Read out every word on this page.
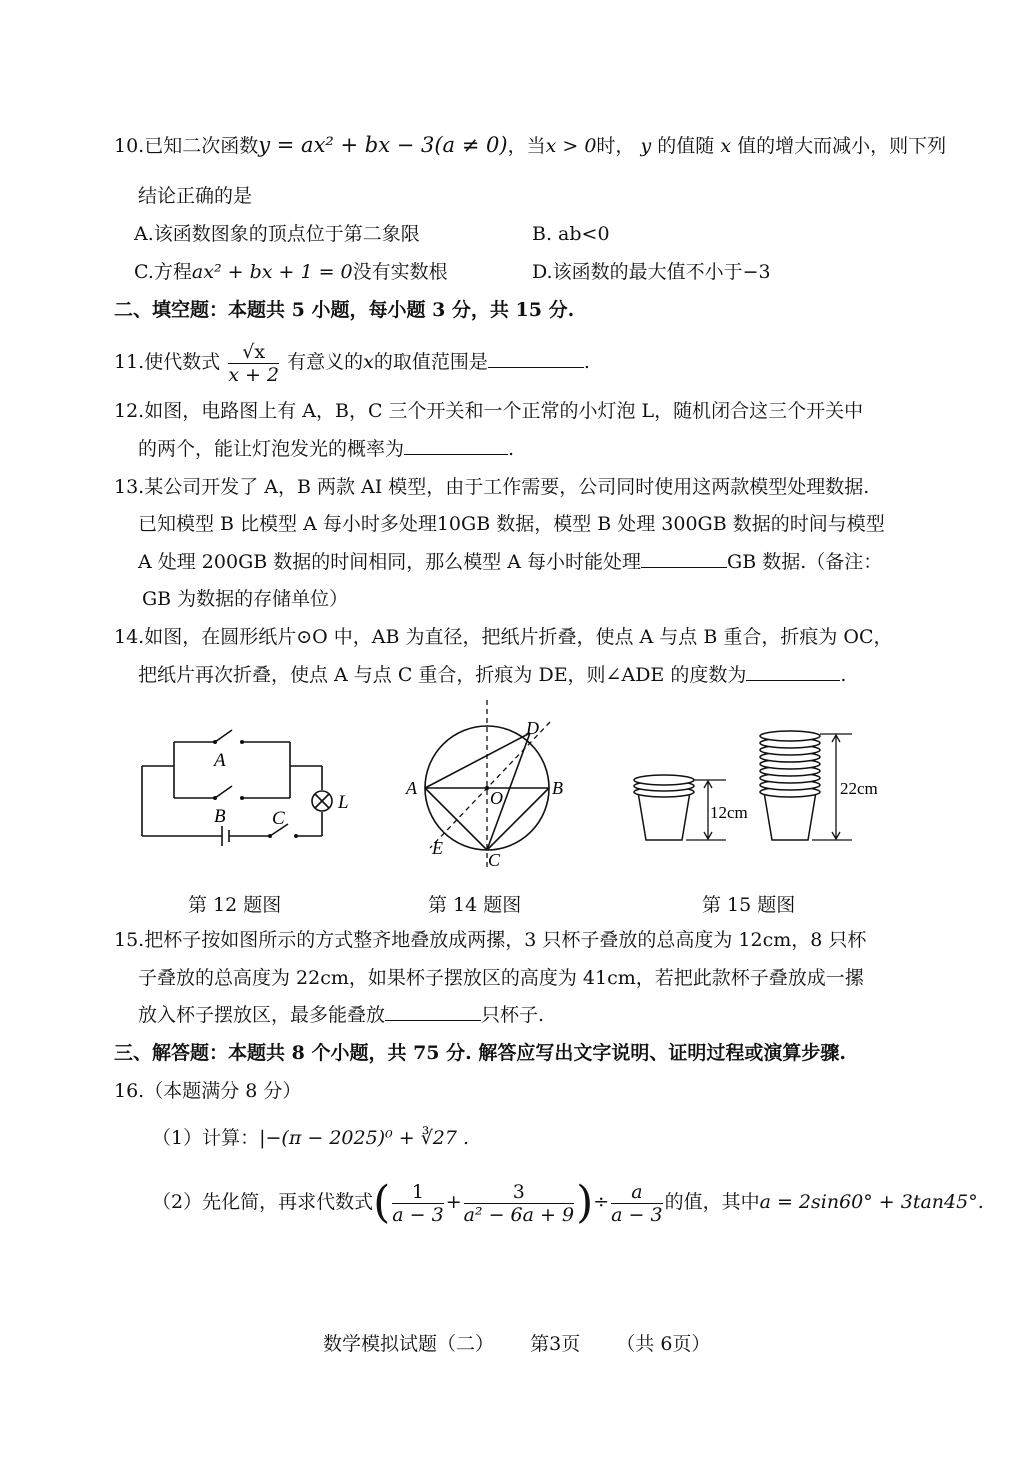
10.已知二次函数y = ax² + bx − 3(a ≠ 0)，当x > 0时， y 的值随 x 值的增大而减小，则下列
结论正确的是
A.该函数图象的顶点位于第二象限	B. ab<0
C.方程ax² + bx + 1 = 0没有实数根	D.该函数的最大值不小于−3
二、填空题：本题共 5 小题，每小题 3 分，共 15 分.
11.使代数式 $\frac{√x}{x + 2}$ 有意义的x的取值范围是	.
12.如图，电路图上有 A，B，C 三个开关和一个正常的小灯泡 L，随机闭合这三个开关中
的两个，能让灯泡发光的概率为	.
13.某公司开发了 A，B 两款 AI 模型，由于工作需要，公司同时使用这两款模型处理数据.
已知模型 B 比模型 A 每小时多处理10GB 数据，模型 B 处理 300GB 数据的时间与模型
A 处理 200GB 数据的时间相同，那么模型 A 每小时能处理	GB 数据.（备注：
GB 为数据的存储单位）
14.如图，在圆形纸片⊙O 中，AB 为直径，把纸片折叠，使点 A 与点 B 重合，折痕为 OC，
把纸片再次折叠，使点 A 与点 C 重合，折痕为 DE，则∠ADE 的度数为	.
A
B C
L
A	B
C
D
E
O
12cm
22cm
第 12 题图	第 14 题图	第 15 题图
15.把杯子按如图所示的方式整齐地叠放成两摞，3 只杯子叠放的总高度为 12cm，8 只杯
子叠放的总高度为 22cm，如果杯子摆放区的高度为 41cm，若把此款杯子叠放成一摞
放入杯子摆放区，最多能叠放	只杯子.
三、解答题：本题共 8 个小题，共 75 分. 解答应写出文字说明、证明过程或演算步骤.
16.（本题满分 8 分）
（1）计算：|−(π − 2025)⁰ + ∛27 .
（2）先化简，再求代数式( $\frac{1}{a - 3} + \frac{3}{\text{a² − 6a + 9}}$ )÷ $\frac{a}{a - 3}$ 的值，其中a = 2sin60° + 3tan45°.
数学模拟试题（二） 第3页 （共 6页）
